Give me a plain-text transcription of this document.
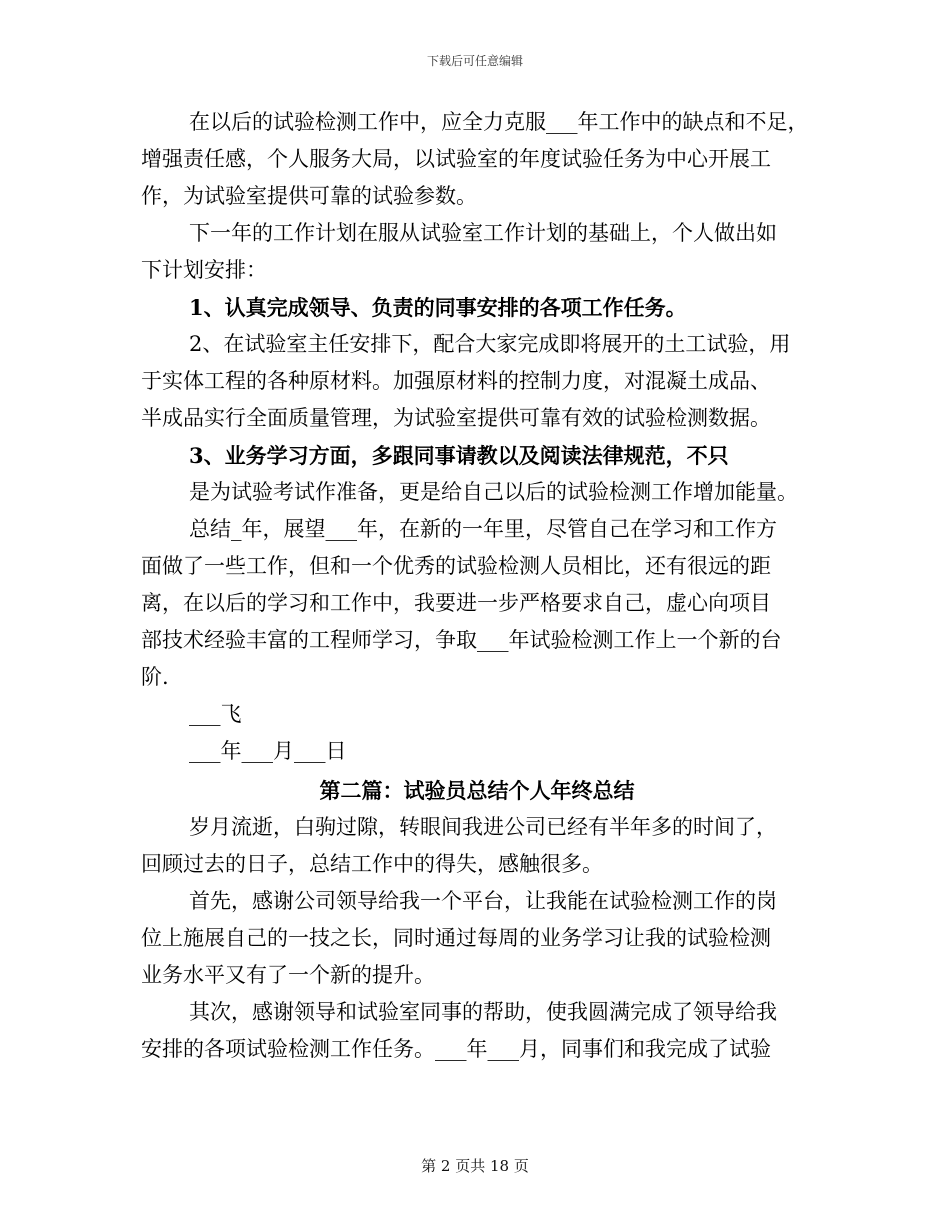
下载后可任意编辑
在以后的试验检测工作中，应全力克服___年工作中的缺点和不足，
增强责任感，个人服务大局，以试验室的年度试验任务为中心开展工
作，为试验室提供可靠的试验参数。
下一年的工作计划在服从试验室工作计划的基础上，个人做出如
下计划安排：
1、认真完成领导、负责的同事安排的各项工作任务。
2、在试验室主任安排下，配合大家完成即将展开的土工试验，用
于实体工程的各种原材料。加强原材料的控制力度，对混凝土成品、
半成品实行全面质量管理，为试验室提供可靠有效的试验检测数据。
3、业务学习方面，多跟同事请教以及阅读法律规范，不只
是为试验考试作准备，更是给自己以后的试验检测工作增加能量。
总结_年，展望___年，在新的一年里，尽管自己在学习和工作方
面做了一些工作，但和一个优秀的试验检测人员相比，还有很远的距
离，在以后的学习和工作中，我要进一步严格要求自己，虚心向项目
部技术经验丰富的工程师学习，争取___年试验检测工作上一个新的台
阶.
___飞
___年___月___日
第二篇：试验员总结个人年终总结
岁月流逝，白驹过隙，转眼间我进公司已经有半年多的时间了，
回顾过去的日子，总结工作中的得失，感触很多。
首先，感谢公司领导给我一个平台，让我能在试验检测工作的岗
位上施展自己的一技之长，同时通过每周的业务学习让我的试验检测
业务水平又有了一个新的提升。
其次，感谢领导和试验室同事的帮助，使我圆满完成了领导给我
安排的各项试验检测工作任务。___年___月，同事们和我完成了试验
第 2 页共 18 页
